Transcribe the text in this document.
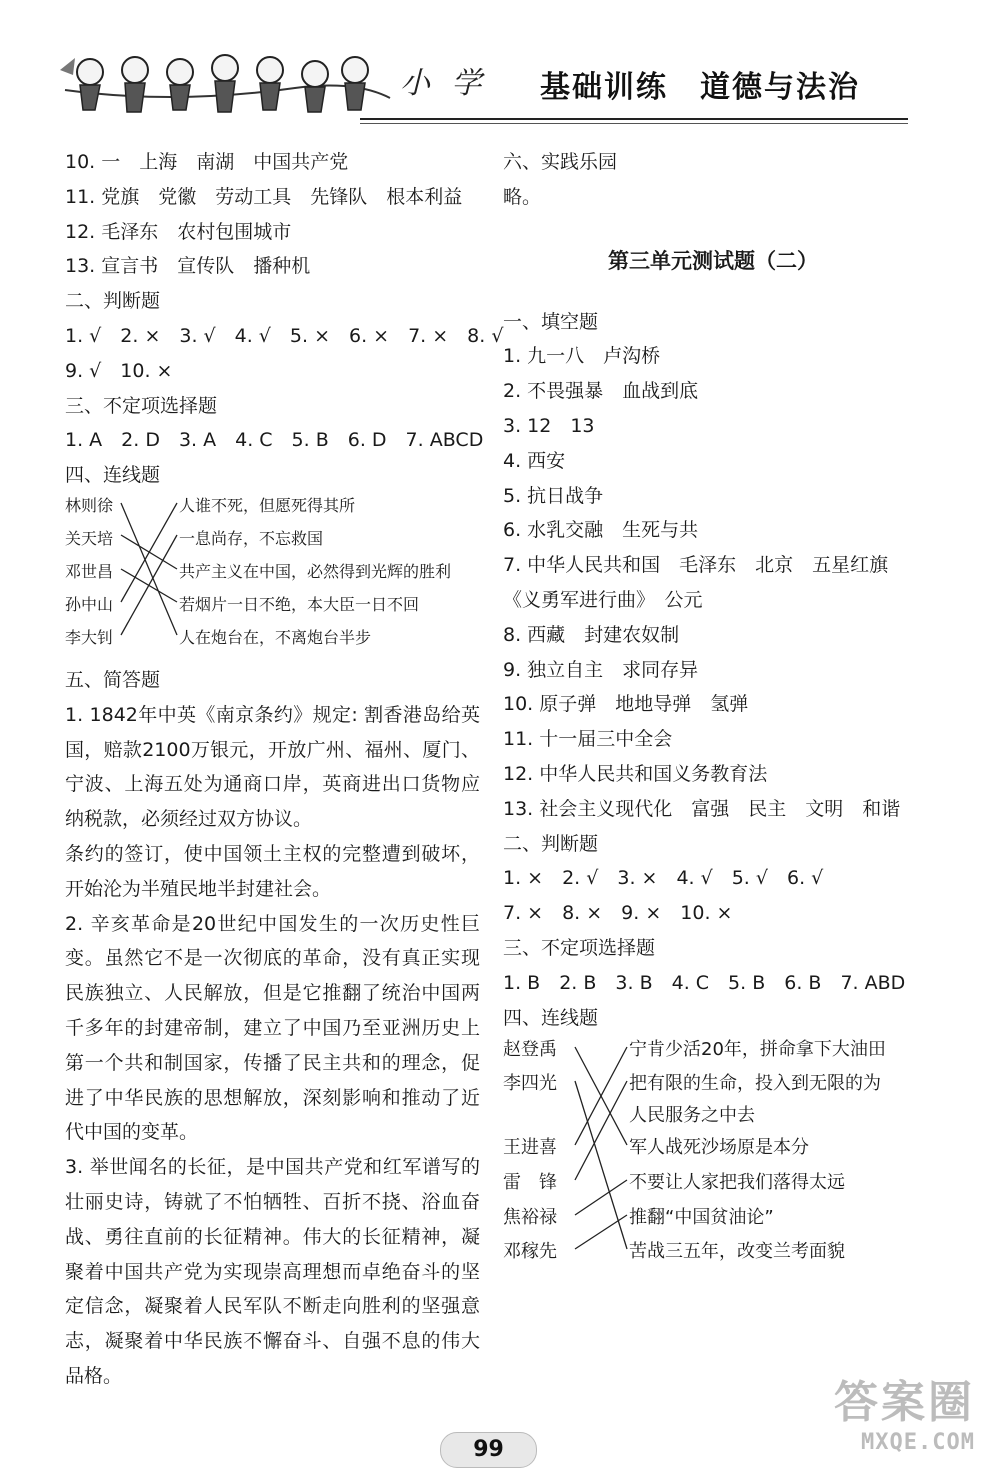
小 学 基础训练　道德与法治
10. 一　上海　南湖　中国共产党
11. 党旗　党徽　劳动工具　先锋队　根本利益
12. 毛泽东　农村包围城市
13. 宣言书　宣传队　播种机
二、判断题
1. √　2. ×　3. √　4. √　5. ×　6. ×　7. ×　8. √
9. √　10. ×
三、不定项选择题
1. A　2. D　3. A　4. C　5. B　6. D　7. ABCD
四、连线题
林则徐
关天培
邓世昌
孙中山
李大钊
人谁不死，但愿死得其所
一息尚存，不忘救国
共产主义在中国，必然得到光辉的胜利
若烟片一日不绝，本大臣一日不回
人在炮台在，不离炮台半步
五、简答题
1. 1842年中英《南京条约》规定: 割香港岛给英国，赔款2100万银元，开放广州、福州、厦门、宁波、上海五处为通商口岸，英商进出口货物应纳税款，必须经过双方协议。
条约的签订，使中国领土主权的完整遭到破坏，开始沦为半殖民地半封建社会。
2. 辛亥革命是20世纪中国发生的一次历史性巨变。虽然它不是一次彻底的革命，没有真正实现民族独立、人民解放，但是它推翻了统治中国两千多年的封建帝制，建立了中国乃至亚洲历史上第一个共和制国家，传播了民主共和的理念，促进了中华民族的思想解放，深刻影响和推动了近代中国的变革。
3. 举世闻名的长征，是中国共产党和红军谱写的壮丽史诗，铸就了不怕牺牲、百折不挠、浴血奋战、勇往直前的长征精神。伟大的长征精神，凝聚着中国共产党为实现崇高理想而卓绝奋斗的坚定信念，凝聚着人民军队不断走向胜利的坚强意志，凝聚着中华民族不懈奋斗、自强不息的伟大品格。
六、实践乐园
略。
第三单元测试题（二）
一、填空题
1. 九一八　卢沟桥
2. 不畏强暴　血战到底
3. 12　13
4. 西安
5. 抗日战争
6. 水乳交融　生死与共
7. 中华人民共和国　毛泽东　北京　五星红旗
《义勇军进行曲》　公元
8. 西藏　封建农奴制
9. 独立自主　求同存异
10. 原子弹　地地导弹　氢弹
11. 十一届三中全会
12. 中华人民共和国义务教育法
13. 社会主义现代化　富强　民主　文明　和谐
二、判断题
1. ×　2. √　3. ×　4. √　5. √　6. √
7. ×　8. ×　9. ×　10. ×
三、不定项选择题
1. B　2. B　3. B　4. C　5. B　6. B　7. ABD
四、连线题
赵登禹
李四光
王进喜
雷　锋
焦裕禄
邓稼先
宁肯少活20年，拼命拿下大油田
把有限的生命，投入到无限的为
人民服务之中去
军人战死沙场原是本分
不要让人家把我们落得太远
推翻“中国贫油论”
苦战三五年，改变兰考面貌
99
答案圈
MXQE.COM
